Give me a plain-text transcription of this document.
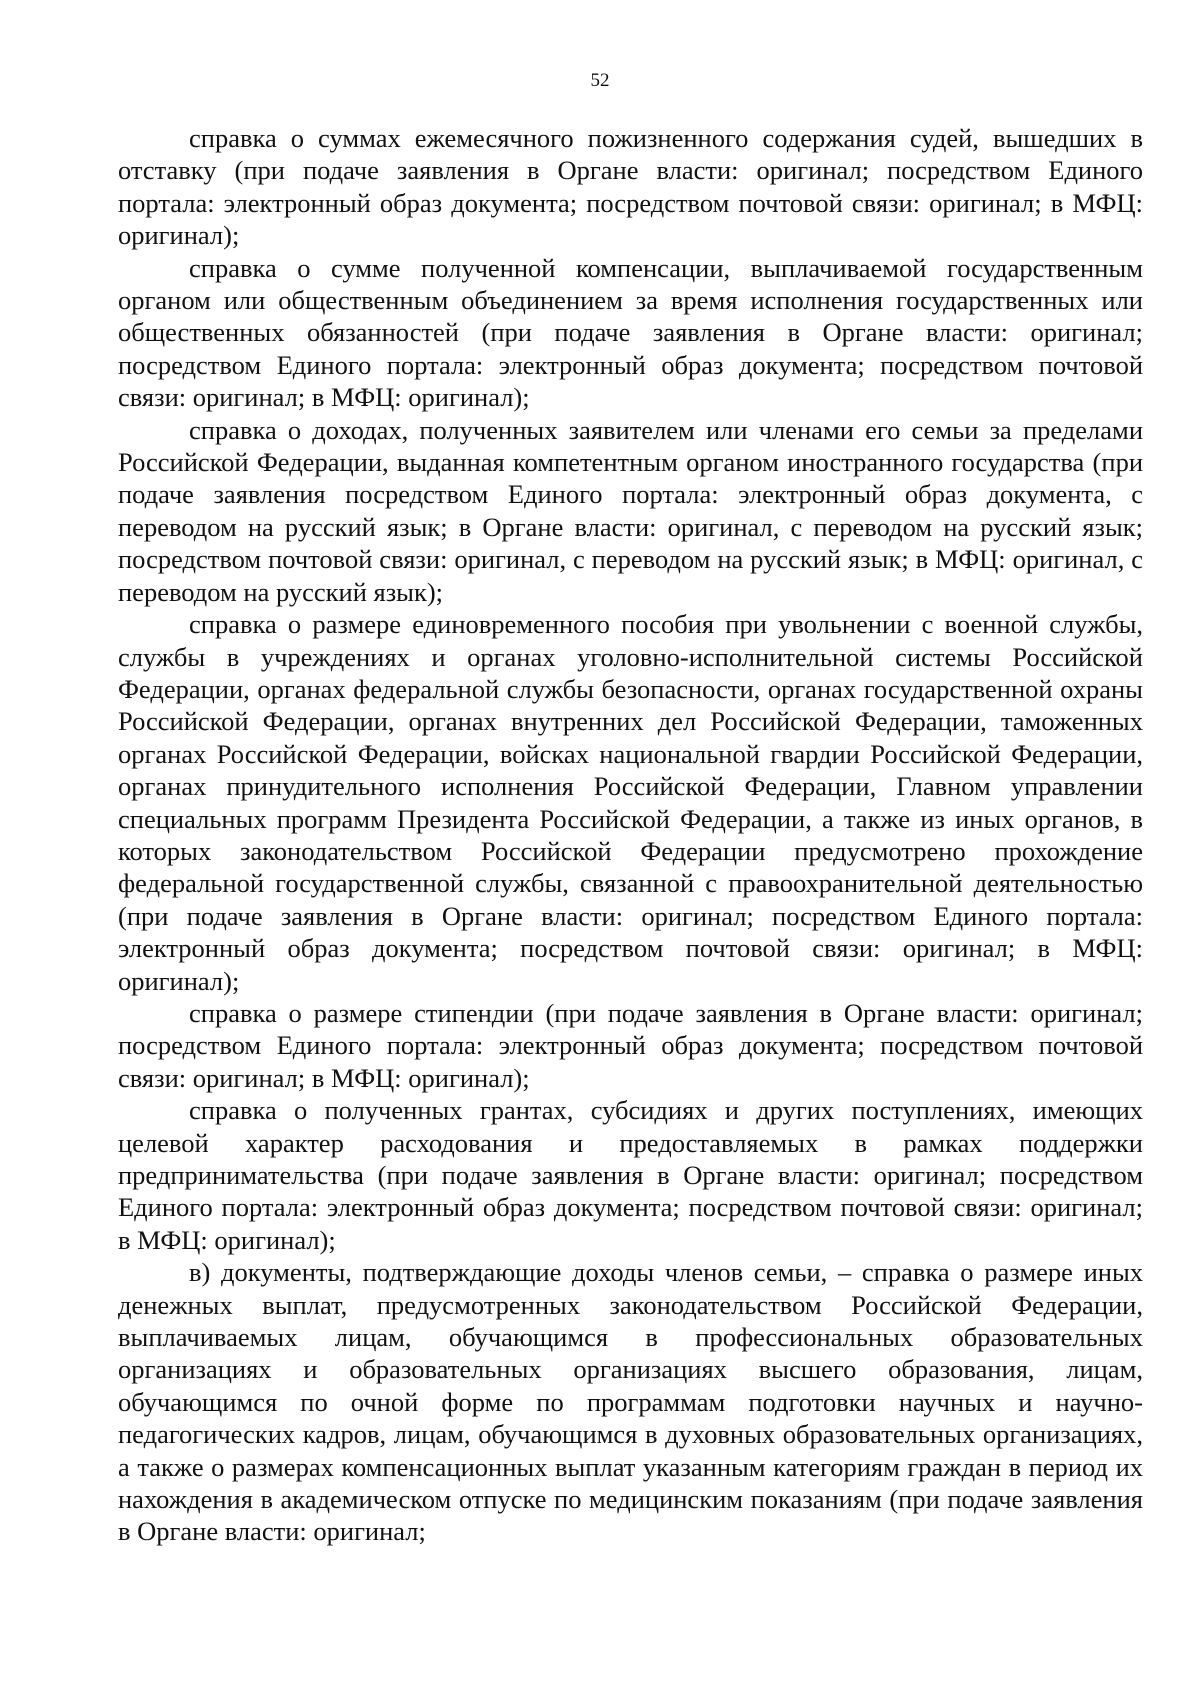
52

справка о суммах ежемесячного пожизненного содержания судей, вышедших в отставку (при подаче заявления в Органе власти: оригинал; посредством Единого портала: электронный образ документа; посредством почтовой связи: оригинал; в МФЦ: оригинал);

справка о сумме полученной компенсации, выплачиваемой государственным органом или общественным объединением за время исполнения государственных или общественных обязанностей (при подаче заявления в Органе власти: оригинал; посредством Единого портала: электронный образ документа; посредством почтовой связи: оригинал; в МФЦ: оригинал);

справка о доходах, полученных заявителем или членами его семьи за пределами Российской Федерации, выданная компетентным органом иностранного государства (при подаче заявления посредством Единого портала: электронный образ документа, с переводом на русский язык; в Органе власти: оригинал, с переводом на русский язык; посредством почтовой связи: оригинал, с переводом на русский язык; в МФЦ: оригинал, с переводом на русский язык);

справка о размере единовременного пособия при увольнении с военной службы, службы в учреждениях и органах уголовно-исполнительной системы Российской Федерации, органах федеральной службы безопасности, органах государственной охраны Российской Федерации, органах внутренних дел Российской Федерации, таможенных органах Российской Федерации, войсках национальной гвардии Российской Федерации, органах принудительного исполнения Российской Федерации, Главном управлении специальных программ Президента Российской Федерации, а также из иных органов, в которых законодательством Российской Федерации предусмотрено прохождение федеральной государственной службы, связанной с правоохранительной деятельностью (при подаче заявления в Органе власти: оригинал; посредством Единого портала: электронный образ документа; посредством почтовой связи: оригинал; в МФЦ: оригинал);

справка о размере стипендии (при подаче заявления в Органе власти: оригинал; посредством Единого портала: электронный образ документа; посредством почтовой связи: оригинал; в МФЦ: оригинал);

справка о полученных грантах, субсидиях и других поступлениях, имеющих целевой характер расходования и предоставляемых в рамках поддержки предпринимательства (при подаче заявления в Органе власти: оригинал; посредством Единого портала: электронный образ документа; посредством почтовой связи: оригинал; в МФЦ: оригинал);

в) документы, подтверждающие доходы членов семьи, – справка о размере иных денежных выплат, предусмотренных законодательством Российской Федерации, выплачиваемых лицам, обучающимся в профессиональных образовательных организациях и образовательных организациях высшего образования, лицам, обучающимся по очной форме по программам подготовки научных и научно-педагогических кадров, лицам, обучающимся в духовных образовательных организациях, а также о размерах компенсационных выплат указанным категориям граждан в период их нахождения в академическом отпуске по медицинским показаниям (при подаче заявления в Органе власти: оригинал;
